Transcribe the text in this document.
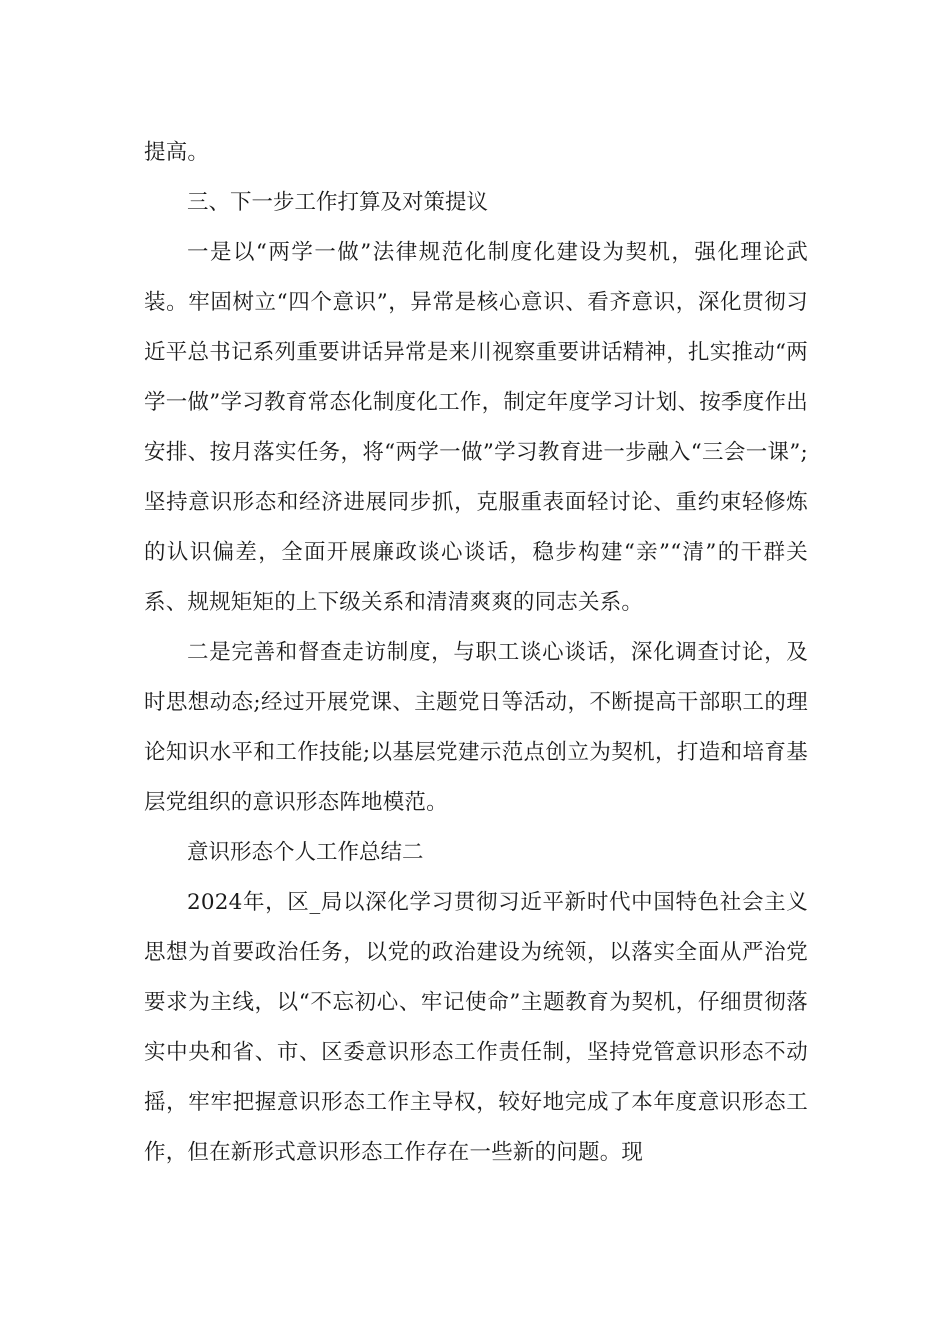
提高。

三、下一步工作打算及对策提议

一是以“两学一做”法律规范化制度化建设为契机，强化理论武装。牢固树立“四个意识”，异常是核心意识、看齐意识，深化贯彻习近平总书记系列重要讲话异常是来川视察重要讲话精神，扎实推动“两学一做”学习教育常态化制度化工作，制定年度学习计划、按季度作出安排、按月落实任务，将“两学一做”学习教育进一步融入“三会一课”;坚持意识形态和经济进展同步抓，克服重表面轻讨论、重约束轻修炼的认识偏差，全面开展廉政谈心谈话，稳步构建“亲”“清”的干群关系、规规矩矩的上下级关系和清清爽爽的同志关系。

二是完善和督查走访制度，与职工谈心谈话，深化调查讨论，及时思想动态;经过开展党课、主题党日等活动，不断提高干部职工的理论知识水平和工作技能;以基层党建示范点创立为契机，打造和培育基层党组织的意识形态阵地模范。

意识形态个人工作总结二

2024年，区_局以深化学习贯彻习近平新时代中国特色社会主义思想为首要政治任务，以党的政治建设为统领，以落实全面从严治党要求为主线，以“不忘初心、牢记使命”主题教育为契机，仔细贯彻落实中央和省、市、区委意识形态工作责任制，坚持党管意识形态不动摇，牢牢把握意识形态工作主导权，较好地完成了本年度意识形态工作，但在新形式意识形态工作存在一些新的问题。现
